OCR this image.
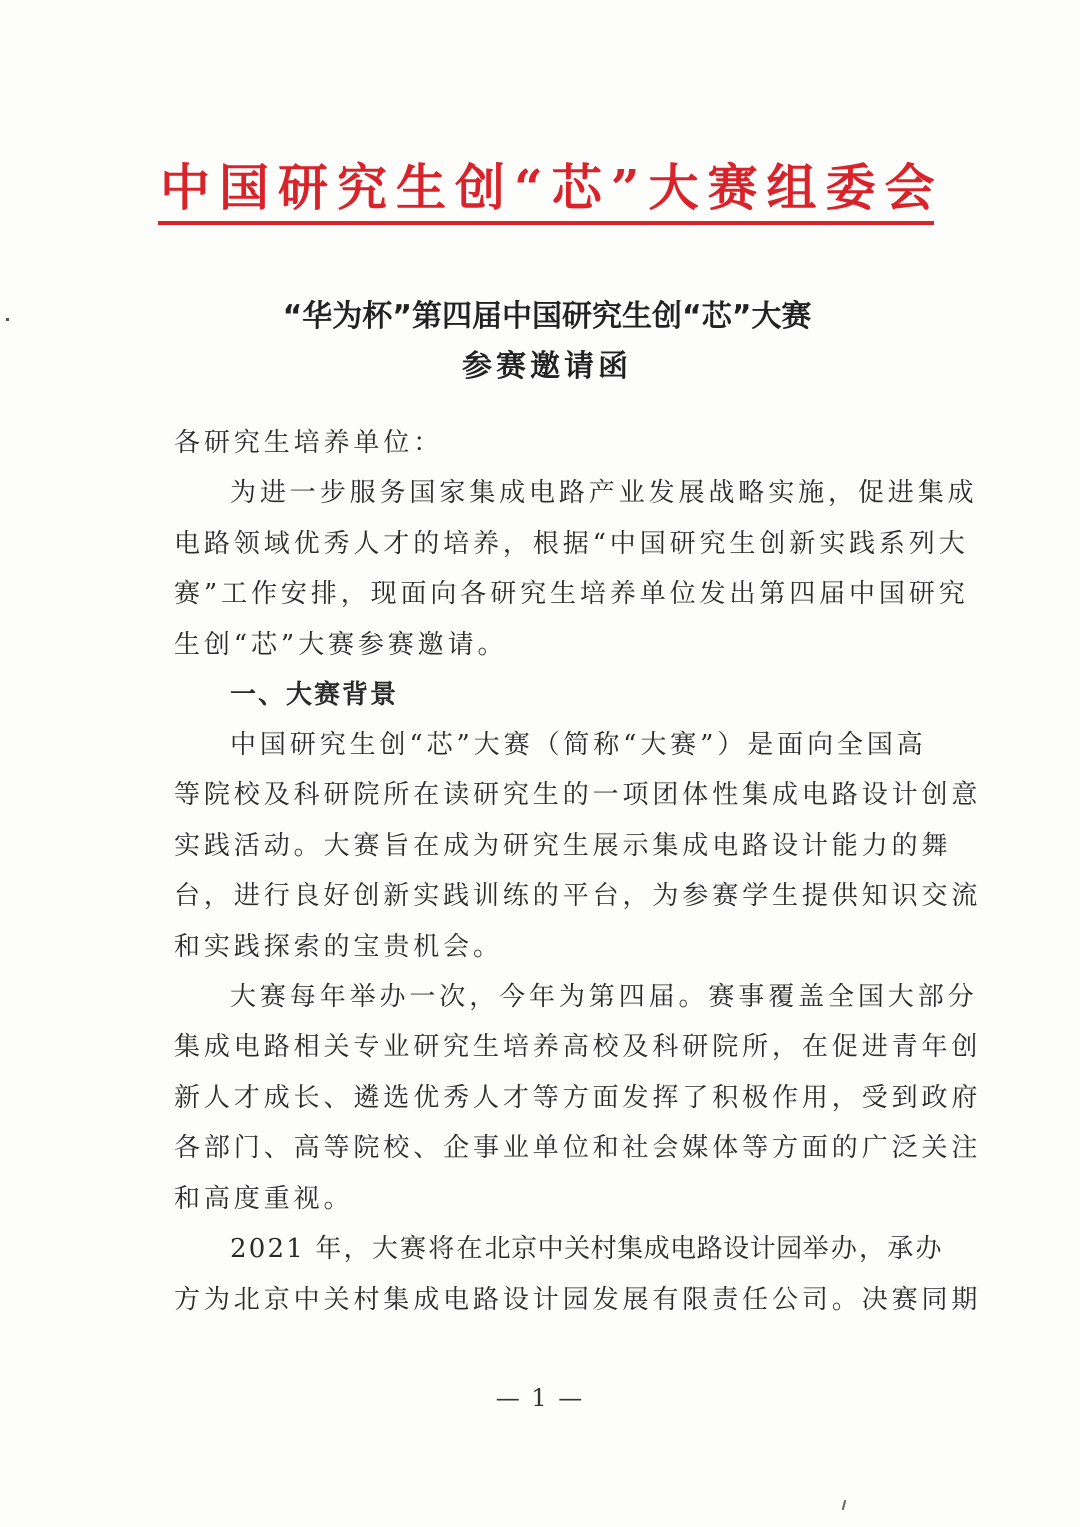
中国研究生创“芯”大赛组委会
“华为杯”第四届中国研究生创“芯”大赛
参赛邀请函
各研究生培养单位：
为进一步服务国家集成电路产业发展战略实施，促进集成
电路领域优秀人才的培养，根据“中国研究生创新实践系列大
赛”工作安排，现面向各研究生培养单位发出第四届中国研究
生创“芯”大赛参赛邀请。
一、大赛背景
中国研究生创“芯”大赛（简称“大赛”）是面向全国高
等院校及科研院所在读研究生的一项团体性集成电路设计创意
实践活动。大赛旨在成为研究生展示集成电路设计能力的舞
台，进行良好创新实践训练的平台，为参赛学生提供知识交流
和实践探索的宝贵机会。
大赛每年举办一次，今年为第四届。赛事覆盖全国大部分
集成电路相关专业研究生培养高校及科研院所，在促进青年创
新人才成长、遴选优秀人才等方面发挥了积极作用，受到政府
各部门、高等院校、企事业单位和社会媒体等方面的广泛关注
和高度重视。
2021 年，大赛将在北京中关村集成电路设计园举办，承办
方为北京中关村集成电路设计园发展有限责任公司。决赛同期
— 1 —
